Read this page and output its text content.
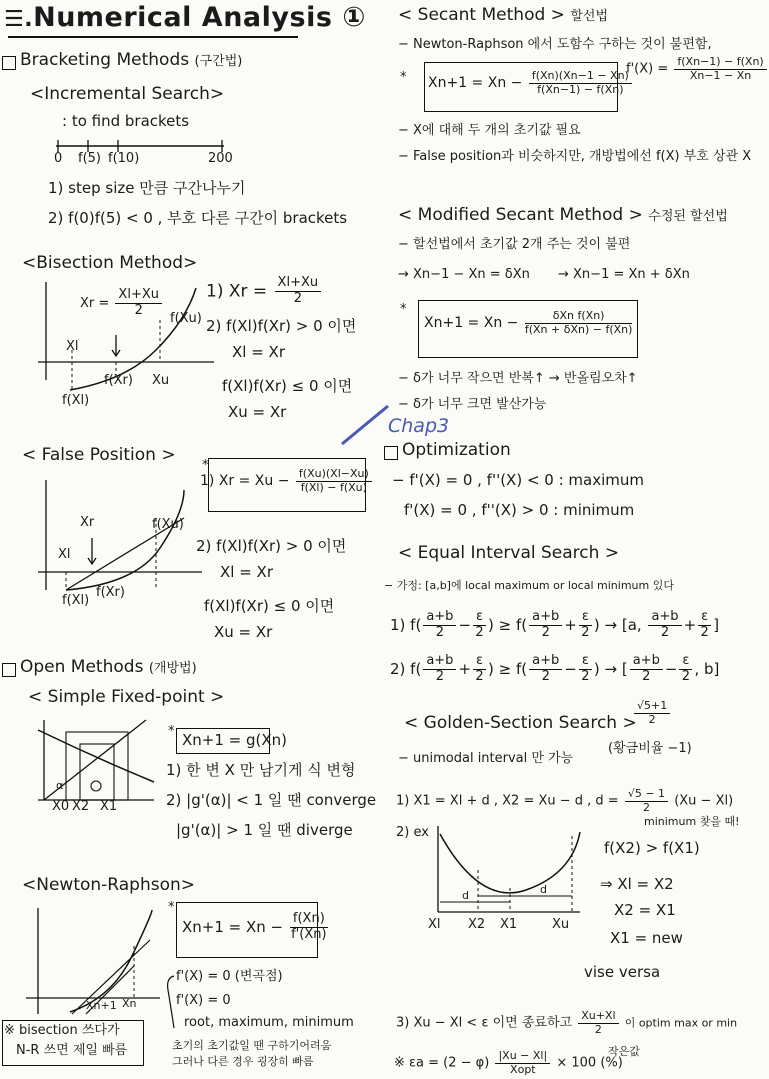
☰.Numerical Analysis ①
Bracketing Methods (구간법)
<Incremental Search>
: to find brackets
0 f(5) f(10)	200
1) step size 만큼 구간나누기
2) f(0)f(5) < 0 , 부호 다른 구간이 brackets
<Bisection Method>
$Xr = \frac{Xl+Xu}{2} f(Xu)$
Xl
f(Xr) Xu
f(Xl)
1) $Xr = \frac{Xl+Xu}{2}$
2) f(Xl)f(Xr) > 0 이면
Xl = Xr
f(Xl)f(Xr) ≤ 0 이면
Xu = Xr
< False Position >
Xr	f(Xu)
Xl
f(Xl)
f(Xr)
*
1) $Xr = Xu - \frac{f(Xu)(Xl-Xu)}{f(Xl) - f(Xu)}$
2) f(Xl)f(Xr) > 0 이면
Xl = Xr
f(Xl)f(Xr) ≤ 0 이면
Xu = Xr
Open Methods (개방법)
< Simple Fixed-point >
α
X0 X2 X1
* Xn+1 = g(Xn)
1) 한 변 X 만 남기게 식 변형
2) |g'(α)| < 1 일 땐 converge
|g'(α)| > 1 일 땐 diverge
<Newton-Raphson>
Xn+1 Xn
*
$Xn+1 = Xn - \frac{f(Xn)}{f'(Xn)}$
f'(X) = 0 (변곡점)
f'(X) = 0
root, maximum, minimum
초기의 초기값일 땐 구하기어려움
그러나 다른 경우 굉장히 빠름
※ bisection 쓰다가
N-R 쓰면 제일 빠름
< Secant Method > 할선법
− Newton-Raphson 에서 도함수 구하는 것이 불편함,
* $Xn+1 = Xn - \frac{f(Xn)(Xn-1 - Xn)}{f(Xn-1) - f(Xn)}$
$f'(X) = \frac{f(Xn-1) - f(Xn)}{Xn-1 - Xn}$
− X에 대해 두 개의 초기값 필요
− False position과 비슷하지만, 개방법에선 f(X) 부호 상관 X
< Modified Secant Method > 수정된 할선법
− 할선법에서 초기값 2개 주는 것이 불편
→ Xn−1 − Xn = δXn → Xn−1 = Xn + δXn
*
$Xn+1 = Xn - \frac{\text{δXn f(Xn)}}{\text{f(Xn + δXn) − f(Xn)}}$
− δ가 너무 작으면 반복↑ → 반올림오차↑
− δ가 너무 크면 발산가능
Chap3
Optimization
− f'(X) = 0 , f''(X) < 0 : maximum
f'(X) = 0 , f''(X) > 0 : minimum
< Equal Interval Search >
− 가정: [a,b]에 local maximum or local minimum 있다
1) $f( \frac{a+b}{2} - \frac{\varepsilon}{2}$ ) ≥ $f( \frac{a+b}{2} + \frac{\varepsilon}{2}$ ) → [a, $\frac{a+b}{2} + \frac{\varepsilon}{2}$ ]
2) $f( \frac{a+b}{2} + \frac{\varepsilon}{2}$ ) ≥ $f( \frac{a+b}{2} - \frac{\varepsilon}{2}$ ) → [ $\frac{a+b}{2} - \frac{\varepsilon}{2}$ , b]
$\frac{√5+1}{2}$
< Golden-Section Search >
(황금비율 −1)
− unimodal interval 만 가능
1) X1 = Xl + d , X2 = Xu − d , $d = \frac{√5 - 1}{2} (Xu - Xl)$
2) ex
d	d
Xl X2 X1	Xu
minimum 찾을 때!
f(X2) > f(X1)
⇒ Xl = X2
X2 = X1
X1 = new
vise versa
3) Xu − Xl < ε 이면 종료하고 $\frac{Xu+Xl}{2}$ 이 optim max or min
작은값
※ $\varepsilon a = (2 - \varphi) \frac{|Xu - Xl|}{\text{Xopt}} \times 100$ (%)
